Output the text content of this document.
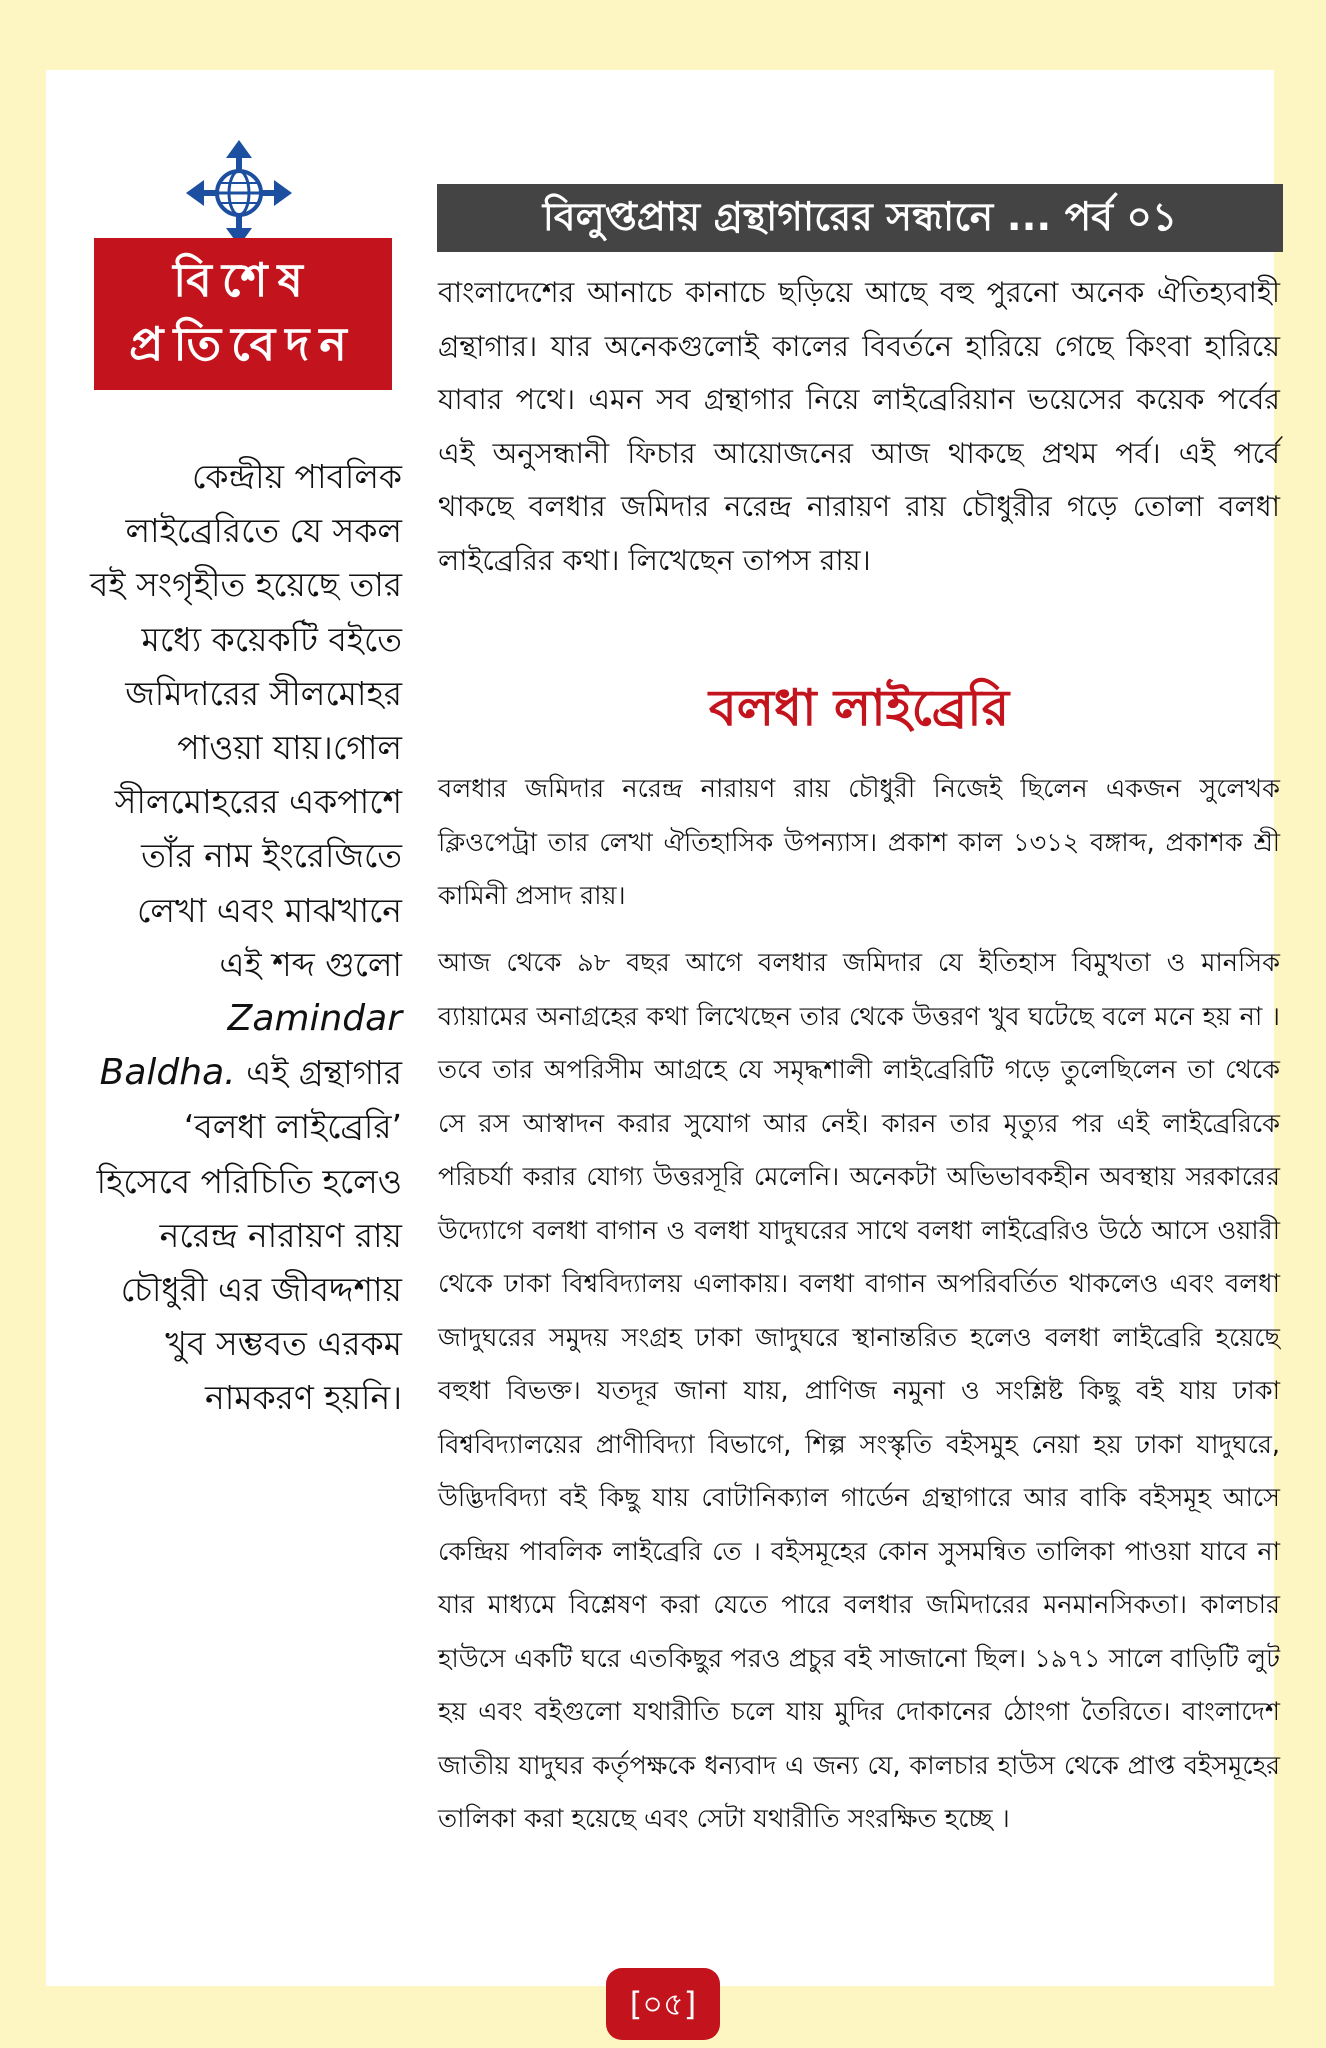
বিশেষ
প্রতিবেদন
কেন্দ্রীয় পাবলিক লাইব্রেরিতে যে সকল বই সংগৃহীত হয়েছে তার মধ্যে কয়েকটি বইতে জমিদারের সীলমোহর পাওয়া যায়।গোল সীলমোহরের একপাশে তাঁর নাম ইংরেজিতে লেখা এবং মাঝখানে এই শব্দ গুলো Zamindar Baldha. এই গ্রন্থাগার ‘বলধা লাইব্রেরি’ হিসেবে পরিচিতি হলেও নরেন্দ্র নারায়ণ রায় চৌধুরী এর জীবদ্দশায় খুব সম্ভবত এরকম নামকরণ হয়নি।
বিলুপ্তপ্রায় গ্রন্থাগারের সন্ধানে ... পর্ব ০১
বাংলাদেশের আনাচে কানাচে ছড়িয়ে আছে বহু পুরনো অনেক ঐতিহ্যবাহী গ্রন্থাগার। যার অনেকগুলোই কালের বিবর্তনে হারিয়ে গেছে কিংবা হারিয়ে যাবার পথে। এমন সব গ্রন্থাগার নিয়ে লাইব্রেরিয়ান ভয়েসের কয়েক পর্বের এই অনুসন্ধানী ফিচার আয়োজনের আজ থাকছে প্রথম পর্ব। এই পর্বে থাকছে বলধার জমিদার নরেন্দ্র নারায়ণ রায় চৌধুরীর গড়ে তোলা বলধা লাইব্রেরির কথা। লিখেছেন তাপস রায়।
বলধা লাইব্রেরি
বলধার জমিদার নরেন্দ্র নারায়ণ রায় চৌধুরী নিজেই ছিলেন একজন সুলেখক ক্লিওপেট্রা তার লেখা ঐতিহাসিক উপন্যাস। প্রকাশ কাল ১৩১২ বঙ্গাব্দ, প্রকাশক শ্রী কামিনী প্রসাদ রায়।
আজ থেকে ৯৮ বছর আগে বলধার জমিদার যে ইতিহাস বিমুখতা ও মানসিক ব্যায়ামের অনাগ্রহের কথা লিখেছেন তার থেকে উত্তরণ খুব ঘটেছে বলে মনে হয় না । তবে তার অপরিসীম আগ্রহে যে সমৃদ্ধশালী লাইব্রেরিটি গড়ে তুলেছিলেন তা থেকে সে রস আস্বাদন করার সুযোগ আর নেই। কারন তার মৃত্যুর পর এই লাইব্রেরিকে পরিচর্যা করার যোগ্য উত্তরসূরি মেলেনি। অনেকটা অভিভাবকহীন অবস্থায় সরকারের উদ্যোগে বলধা বাগান ও বলধা যাদুঘরের সাথে বলধা লাইব্রেরিও উঠে আসে ওয়ারী থেকে ঢাকা বিশ্ববিদ্যালয় এলাকায়। বলধা বাগান অপরিবর্তিত থাকলেও এবং বলধা জাদুঘরের সমুদয় সংগ্রহ ঢাকা জাদুঘরে স্থানান্তরিত হলেও বলধা লাইব্রেরি হয়েছে বহুধা বিভক্ত। যতদূর জানা যায়, প্রাণিজ নমুনা ও সংশ্লিষ্ট কিছু বই যায় ঢাকা বিশ্ববিদ্যালয়ের প্রাণীবিদ্যা বিভাগে, শিল্প সংস্কৃতি বইসমুহ নেয়া হয় ঢাকা যাদুঘরে, উদ্ভিদবিদ্যা বই কিছু যায় বোটানিক্যাল গার্ডেন গ্রন্থাগারে আর বাকি বইসমূহ আসে কেন্দ্রিয় পাবলিক লাইব্রেরি তে । বইসমূহের কোন সুসমন্বিত তালিকা পাওয়া যাবে না যার মাধ্যমে বিশ্লেষণ করা যেতে পারে বলধার জমিদারের মনমানসিকতা। কালচার হাউসে একটি ঘরে এতকিছুর পরও প্রচুর বই সাজানো ছিল। ১৯৭১ সালে বাড়িটি লুট হয় এবং বইগুলো যথারীতি চলে যায় মুদির দোকানের ঠোংগা তৈরিতে। বাংলাদেশ জাতীয় যাদুঘর কর্তৃপক্ষকে ধন্যবাদ এ জন্য যে, কালচার হাউস থেকে প্রাপ্ত বইসমূহের তালিকা করা হয়েছে এবং সেটা যথারীতি সংরক্ষিত হচ্ছে ।
[০৫]
